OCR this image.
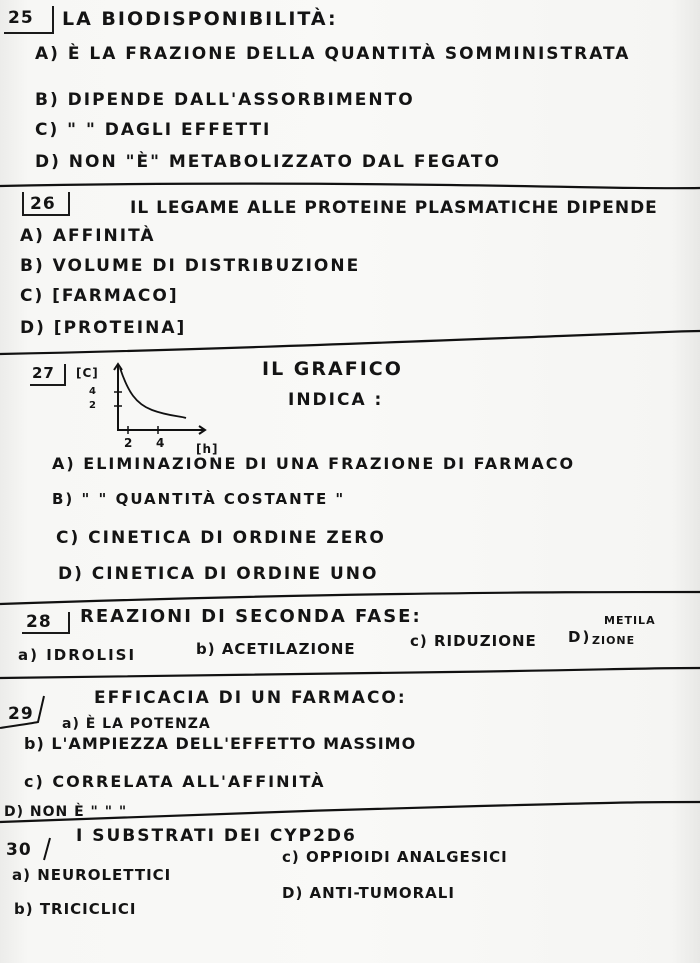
25 LA BIODISPONIBILITÀ:
A) È LA FRAZIONE DELLA QUANTITÀ SOMMINISTRATA
B) DIPENDE DALL'ASSORBIMENTO
C) " " DAGLI EFFETTI
D) NON "È" METABOLIZZATO DAL FEGATO
26	IL LEGAME ALLE PROTEINE PLASMATICHE DIPENDE
A) AFFINITÀ
B) VOLUME DI DISTRIBUZIONE
C) [FARMACO]
D) [PROTEINA]
27 [C]
4
2
2 4	[h]
IL GRAFICO
INDICA :
A) ELIMINAZIONE DI UNA FRAZIONE DI FARMACO
B) " " QUANTITÀ COSTANTE "
C) CINETICA DI ORDINE ZERO
D) CINETICA DI ORDINE UNO
28 REAZIONI DI SECONDA FASE:
a) IDROLISI	b) ACETILAZIONE	c) RIDUZIONE D)
METILA
ZIONE
29
EFFICACIA DI UN FARMACO:
a) È LA POTENZA
b) L'AMPIEZZA DELL'EFFETTO MASSIMO
c) CORRELATA ALL'AFFINITÀ
D) NON È " " "
30
I SUBSTRATI DEI CYP2D6
a) NEUROLETTICI
b) TRICICLICI
c) OPPIOIDI ANALGESICI
D) ANTI-TUMORALI
